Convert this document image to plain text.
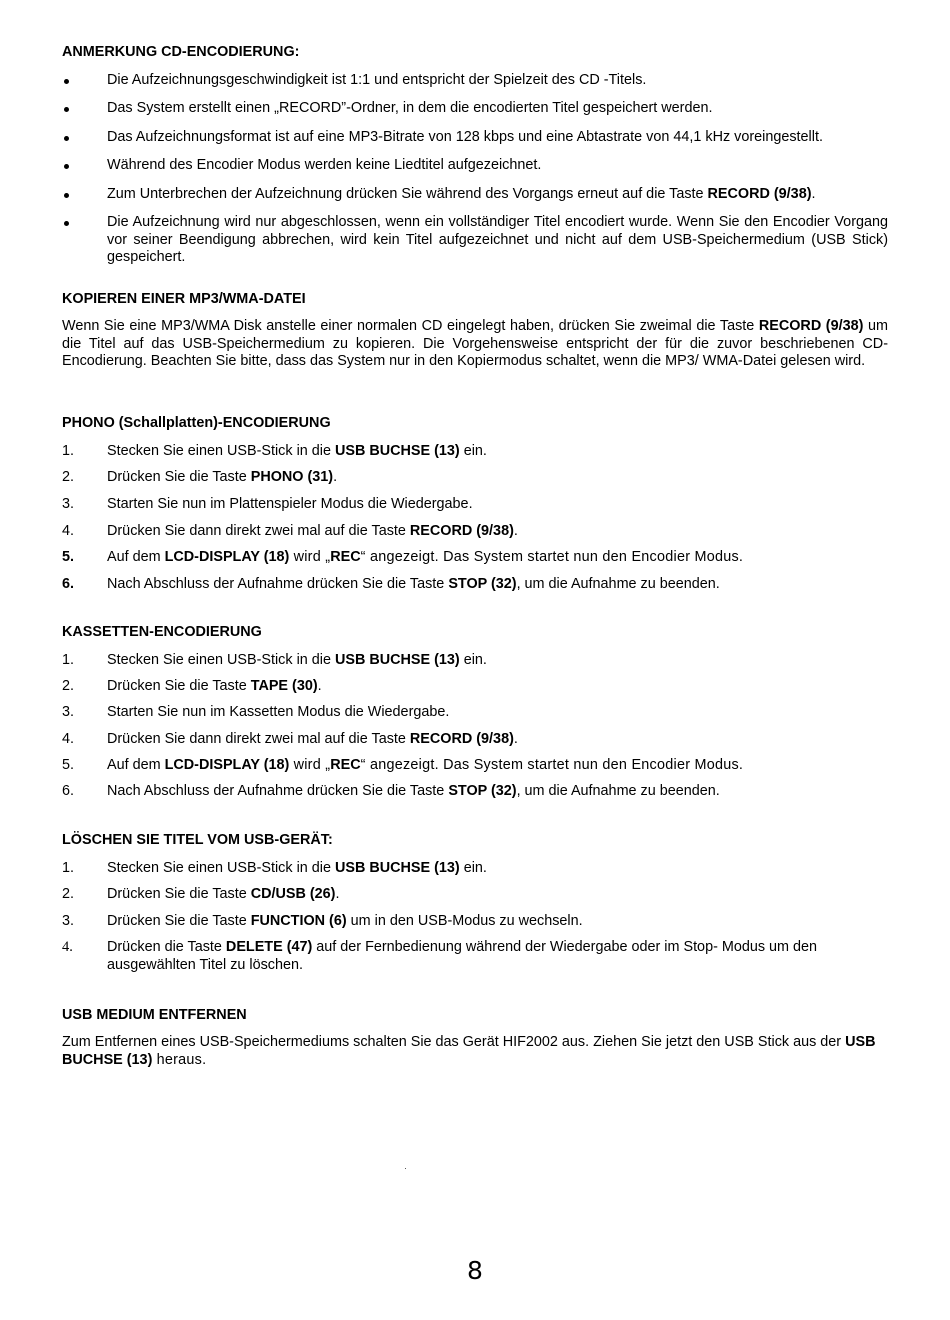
ANMERKUNG CD-ENCODIERUNG:
Die Aufzeichnungsgeschwindigkeit ist 1:1 und entspricht der Spielzeit des CD -Titels.
Das System erstellt einen „RECORD”-Ordner, in dem die encodierten Titel gespeichert werden.
Das Aufzeichnungsformat ist auf eine MP3-Bitrate von 128 kbps und eine Abtastrate von 44,1 kHz voreingestellt.
Während des Encodier Modus werden keine Liedtitel aufgezeichnet.
Zum Unterbrechen der Aufzeichnung drücken Sie während des Vorgangs erneut auf die Taste RECORD (9/38).
Die Aufzeichnung wird nur abgeschlossen, wenn ein vollständiger Titel encodiert wurde. Wenn Sie den Encodier Vorgang vor seiner Beendigung abbrechen, wird kein Titel aufgezeichnet und nicht auf dem USB-Speichermedium (USB Stick) gespeichert.
KOPIEREN EINER MP3/WMA-DATEI
Wenn Sie eine MP3/WMA Disk anstelle einer normalen CD eingelegt haben, drücken Sie zweimal die Taste RECORD (9/38) um die Titel auf das USB-Speichermedium zu kopieren. Die Vorgehensweise entspricht der für die zuvor beschriebenen CD-Encodierung. Beachten Sie bitte, dass das System nur in den Kopiermodus schaltet, wenn die MP3/ WMA-Datei gelesen wird.
PHONO (Schallplatten)-ENCODIERUNG
1.	Stecken Sie einen USB-Stick in die USB BUCHSE (13) ein.
2.	Drücken Sie die Taste PHONO (31).
3.	Starten Sie nun im Plattenspieler Modus die Wiedergabe.
4.	Drücken Sie dann direkt zwei mal auf die Taste RECORD (9/38).
5.	Auf dem LCD-DISPLAY (18) wird „REC“ angezeigt. Das System startet nun den Encodier Modus.
6.	Nach Abschluss der Aufnahme drücken Sie die Taste STOP (32), um die Aufnahme zu beenden.
KASSETTEN-ENCODIERUNG
1.	Stecken Sie einen USB-Stick in die USB BUCHSE (13) ein.
2.	Drücken Sie die Taste TAPE (30).
3.	Starten Sie nun im Kassetten Modus die Wiedergabe.
4.	Drücken Sie dann direkt zwei mal auf die Taste RECORD (9/38).
5.	Auf dem LCD-DISPLAY (18) wird „REC“ angezeigt. Das System startet nun den Encodier Modus.
6.	Nach Abschluss der Aufnahme drücken Sie die Taste STOP (32), um die Aufnahme zu beenden.
LÖSCHEN SIE TITEL VOM USB-GERÄT:
1.	Stecken Sie einen USB-Stick in die USB BUCHSE (13) ein.
2.	Drücken Sie die Taste CD/USB (26).
3.	Drücken Sie die Taste FUNCTION (6) um in den USB-Modus zu wechseln.
4.	Drücken die Taste DELETE (47) auf der Fernbedienung während der Wiedergabe oder im Stop- Modus um den ausgewählten Titel zu löschen.
USB MEDIUM ENTFERNEN
Zum Entfernen eines USB-Speichermediums schalten Sie das Gerät HIF2002 aus. Ziehen Sie jetzt den USB Stick aus der USB BUCHSE (13) heraus.
8
